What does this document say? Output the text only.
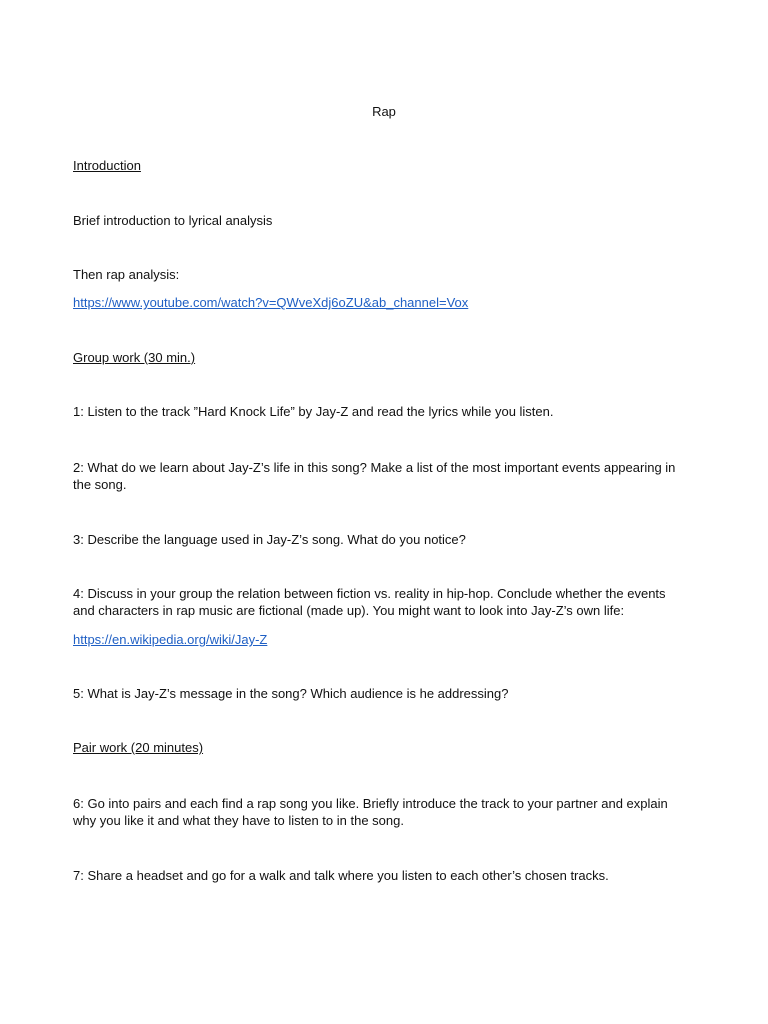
Rap

Introduction

Brief introduction to lyrical analysis

Then rap analysis:

https://www.youtube.com/watch?v=QWveXdj6oZU&ab_channel=Vox

Group work (30 min.)

1: Listen to the track ”Hard Knock Life” by Jay-Z and read the lyrics while you listen.

2: What do we learn about Jay-Z’s life in this song? Make a list of the most important events appearing in the song.

3: Describe the language used in Jay-Z’s song. What do you notice?

4: Discuss in your group the relation between fiction vs. reality in hip-hop. Conclude whether the events and characters in rap music are fictional (made up). You might want to look into Jay-Z’s own life:

https://en.wikipedia.org/wiki/Jay-Z

5: What is Jay-Z’s message in the song? Which audience is he addressing?

Pair work (20 minutes)

6: Go into pairs and each find a rap song you like. Briefly introduce the track to your partner and explain why you like it and what they have to listen to in the song.

7: Share a headset and go for a walk and talk where you listen to each other’s chosen tracks.
